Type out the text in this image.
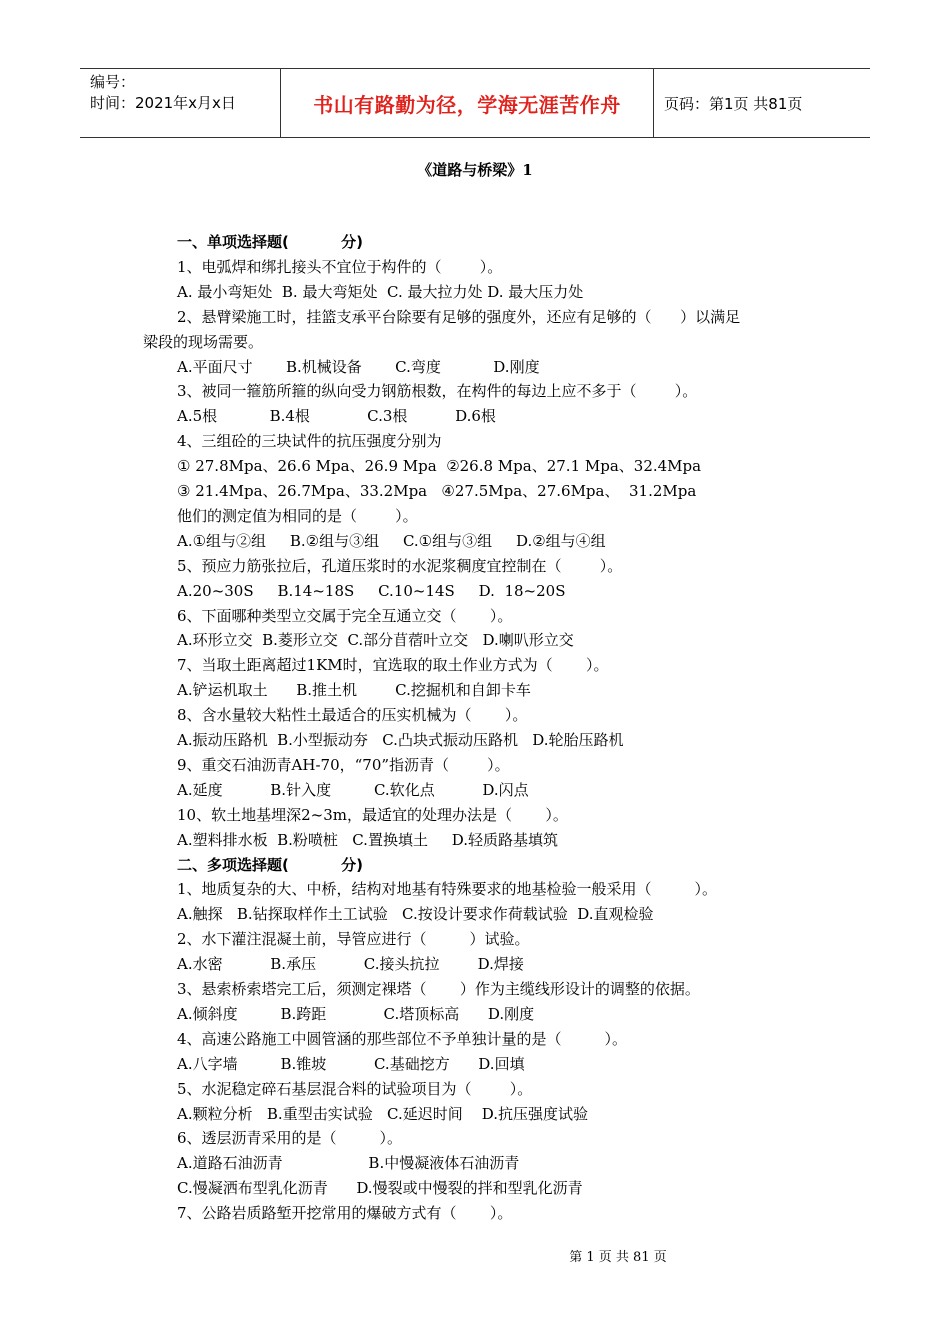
编号：
时间：2021年x月x日	书山有路勤为径，学海无涯苦作舟	页码：第1页 共81页
《道路与桥梁》1
一、单项选择题(          分)
1、电弧焊和绑扎接头不宜位于构件的（        ）。
A. 最小弯矩处  B. 最大弯矩处  C. 最大拉力处 D. 最大压力处
2、悬臂梁施工时，挂篮支承平台除要有足够的强度外，还应有足够的（      ）以满足
梁段的现场需要。
A.平面尺寸       B.机械设备       C.弯度           D.刚度
3、被同一箍筋所箍的纵向受力钢筋根数，在构件的每边上应不多于（        ）。
A.5根           B.4根            C.3根          D.6根
4、三组砼的三块试件的抗压强度分别为
① 27.8Mpa、26.6 Mpa、26.9 Mpa  ②26.8 Mpa、27.1 Mpa、32.4Mpa
③ 21.4Mpa、26.7Mpa、33.2Mpa   ④27.5Mpa、27.6Mpa、  31.2Mpa
他们的测定值为相同的是（        ）。
A.①组与②组     B.②组与③组     C.①组与③组     D.②组与④组
5、预应力筋张拉后，孔道压浆时的水泥浆稠度宜控制在（        ）。
A.20~30S     B.14~18S     C.10~14S     D.  18~20S
6、下面哪种类型立交属于完全互通立交（       ）。
A.环形立交  B.菱形立交  C.部分苜蓿叶立交   D.喇叭形立交
7、当取土距离超过1KM时，宜选取的取土作业方式为（       ）。
A.铲运机取土      B.推土机        C.挖掘机和自卸卡车
8、含水量较大粘性土最适合的压实机械为（       ）。
A.振动压路机  B.小型振动夯   C.凸块式振动压路机   D.轮胎压路机
9、重交石油沥青AH-70，“70”指沥青（        ）。
A.延度          B.针入度         C.软化点          D.闪点
10、软土地基埋深2~3m，最适宜的处理办法是（       ）。
A.塑料排水板  B.粉喷桩   C.置换填土     D.轻质路基填筑
二、多项选择题(          分)
1、地质复杂的大、中桥，结构对地基有特殊要求的地基检验一般采用（         ）。
A.触探   B.钻探取样作土工试验   C.按设计要求作荷载试验  D.直观检验
2、水下灌注混凝土前，导管应进行（         ）试验。
A.水密          B.承压          C.接头抗拉        D.焊接
3、悬索桥索塔完工后，须测定裸塔（       ）作为主缆线形设计的调整的依据。
A.倾斜度         B.跨距            C.塔顶标高      D.刚度
4、高速公路施工中圆管涵的那些部位不予单独计量的是（         ）。
A.八字墙         B.锥坡          C.基础挖方      D.回填
5、水泥稳定碎石基层混合料的试验项目为（        ）。
A.颗粒分析   B.重型击实试验   C.延迟时间    D.抗压强度试验
6、透层沥青采用的是（         ）。
A.道路石油沥青                  B.中慢凝液体石油沥青
C.慢凝洒布型乳化沥青      D.慢裂或中慢裂的拌和型乳化沥青
7、公路岩质路堑开挖常用的爆破方式有（       ）。
第 1 页 共 81 页
